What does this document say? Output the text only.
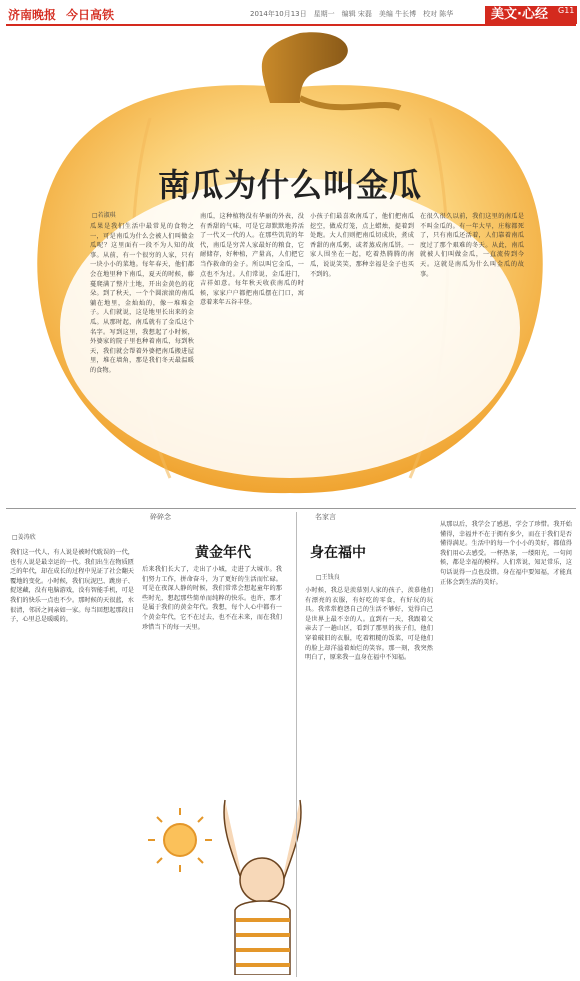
济南晚报 今日高铁	2014年10月13日　星期一　编辑 宋磊　美编 牛长博　校对 陈华	美文·心经	G11
南瓜为什么叫金瓜
□若淑琪
瓜果是我们生活中最常见的食物之一，可是南瓜为什么会被人们叫做金瓜呢？这里面有一段不为人知的故事。从前，有一个很穷的人家，只有一块小小的菜地。每年春天，他们都会在地里种下南瓜，夏天的时候，藤蔓爬满了整片土地，开出金黄色的花朵。到了秋天，一个个圆滚滚的南瓜躺在地里，金灿灿的，像一堆堆金子。人们就说，这是地里长出来的金瓜。从那时起，南瓜就有了金瓜这个名字。写到这里，我想起了小时候，外婆家的院子里也种着南瓜，每到秋天，我们就会帮着外婆把南瓜搬进屋里，堆在墙角，那是我们冬天最温暖的食物。
南瓜，这种植物没有华丽的外表，没有香甜的气味，可是它却默默地养活了一代又一代的人。在那些饥荒的年代，南瓜是穷苦人家最好的粮食，它耐储存，好种植，产量高，人们把它当作救命的金子。所以叫它金瓜，一点也不为过。人们常说，金瓜进门，吉祥如意。每年秋天收获南瓜的时候，家家户户都把南瓜摆在门口，寓意着来年五谷丰登。
小孩子们最喜欢南瓜了，他们把南瓜挖空，做成灯笼，点上蜡烛，提着到处跑。大人们则把南瓜切成块，煮成香甜的南瓜粥，或者蒸成南瓜饼。一家人围坐在一起，吃着热腾腾的南瓜，说说笑笑，那种幸福是金子也买不到的。
在很久很久以前，我们这里的南瓜是不叫金瓜的。有一年大旱，庄稼都死了，只有南瓜还活着，人们靠着南瓜度过了那个艰难的冬天。从此，南瓜就被人们叫做金瓜，一直流传到今天。这就是南瓜为什么叫金瓜的故事。
碎碎念
□姜涛欣
黄金年代
我们这一代人，有人说是被时代耽误的一代，也有人说是最幸运的一代。我们出生在物质匮乏的年代，却在成长的过程中见证了社会翻天覆地的变化。小时候，我们玩泥巴、跳房子、捉迷藏，没有电脑游戏，没有智能手机，可是我们的快乐一点也不少。那时候的天很蓝，水很清，邻居之间亲如一家。每当回想起那段日子，心里总是暖暖的。
后来我们长大了，走出了小城，走进了大城市。我们努力工作，拼命奋斗，为了更好的生活而忙碌。可是在夜深人静的时候，我们常常会想起童年的那些时光，想起那些简单而纯粹的快乐。也许，那才是属于我们的黄金年代。我想，每个人心中都有一个黄金年代，它不在过去，也不在未来，而在我们珍惜当下的每一天里。
名家言
身在福中
□王钱良
小时候，我总是羡慕别人家的孩子，羡慕他们有漂亮的衣服，有好吃的零食，有好玩的玩具。我常常抱怨自己的生活不够好，觉得自己是世界上最不幸的人。直到有一天，我跟着父亲去了一趟山区，看到了那里的孩子们，他们穿着破旧的衣服，吃着粗糙的饭菜，可是他们的脸上却洋溢着灿烂的笑容。那一刻，我突然明白了，原来我一直身在福中不知福。
从那以后，我学会了感恩，学会了珍惜。我开始懂得，幸福并不在于拥有多少，而在于我们是否懂得满足。生活中的每一个小小的美好，都值得我们用心去感受。一杯热茶，一缕阳光，一句问候，都是幸福的模样。人们常说，知足常乐，这句话说得一点也没错。身在福中要知福，才能真正体会到生活的美好。
